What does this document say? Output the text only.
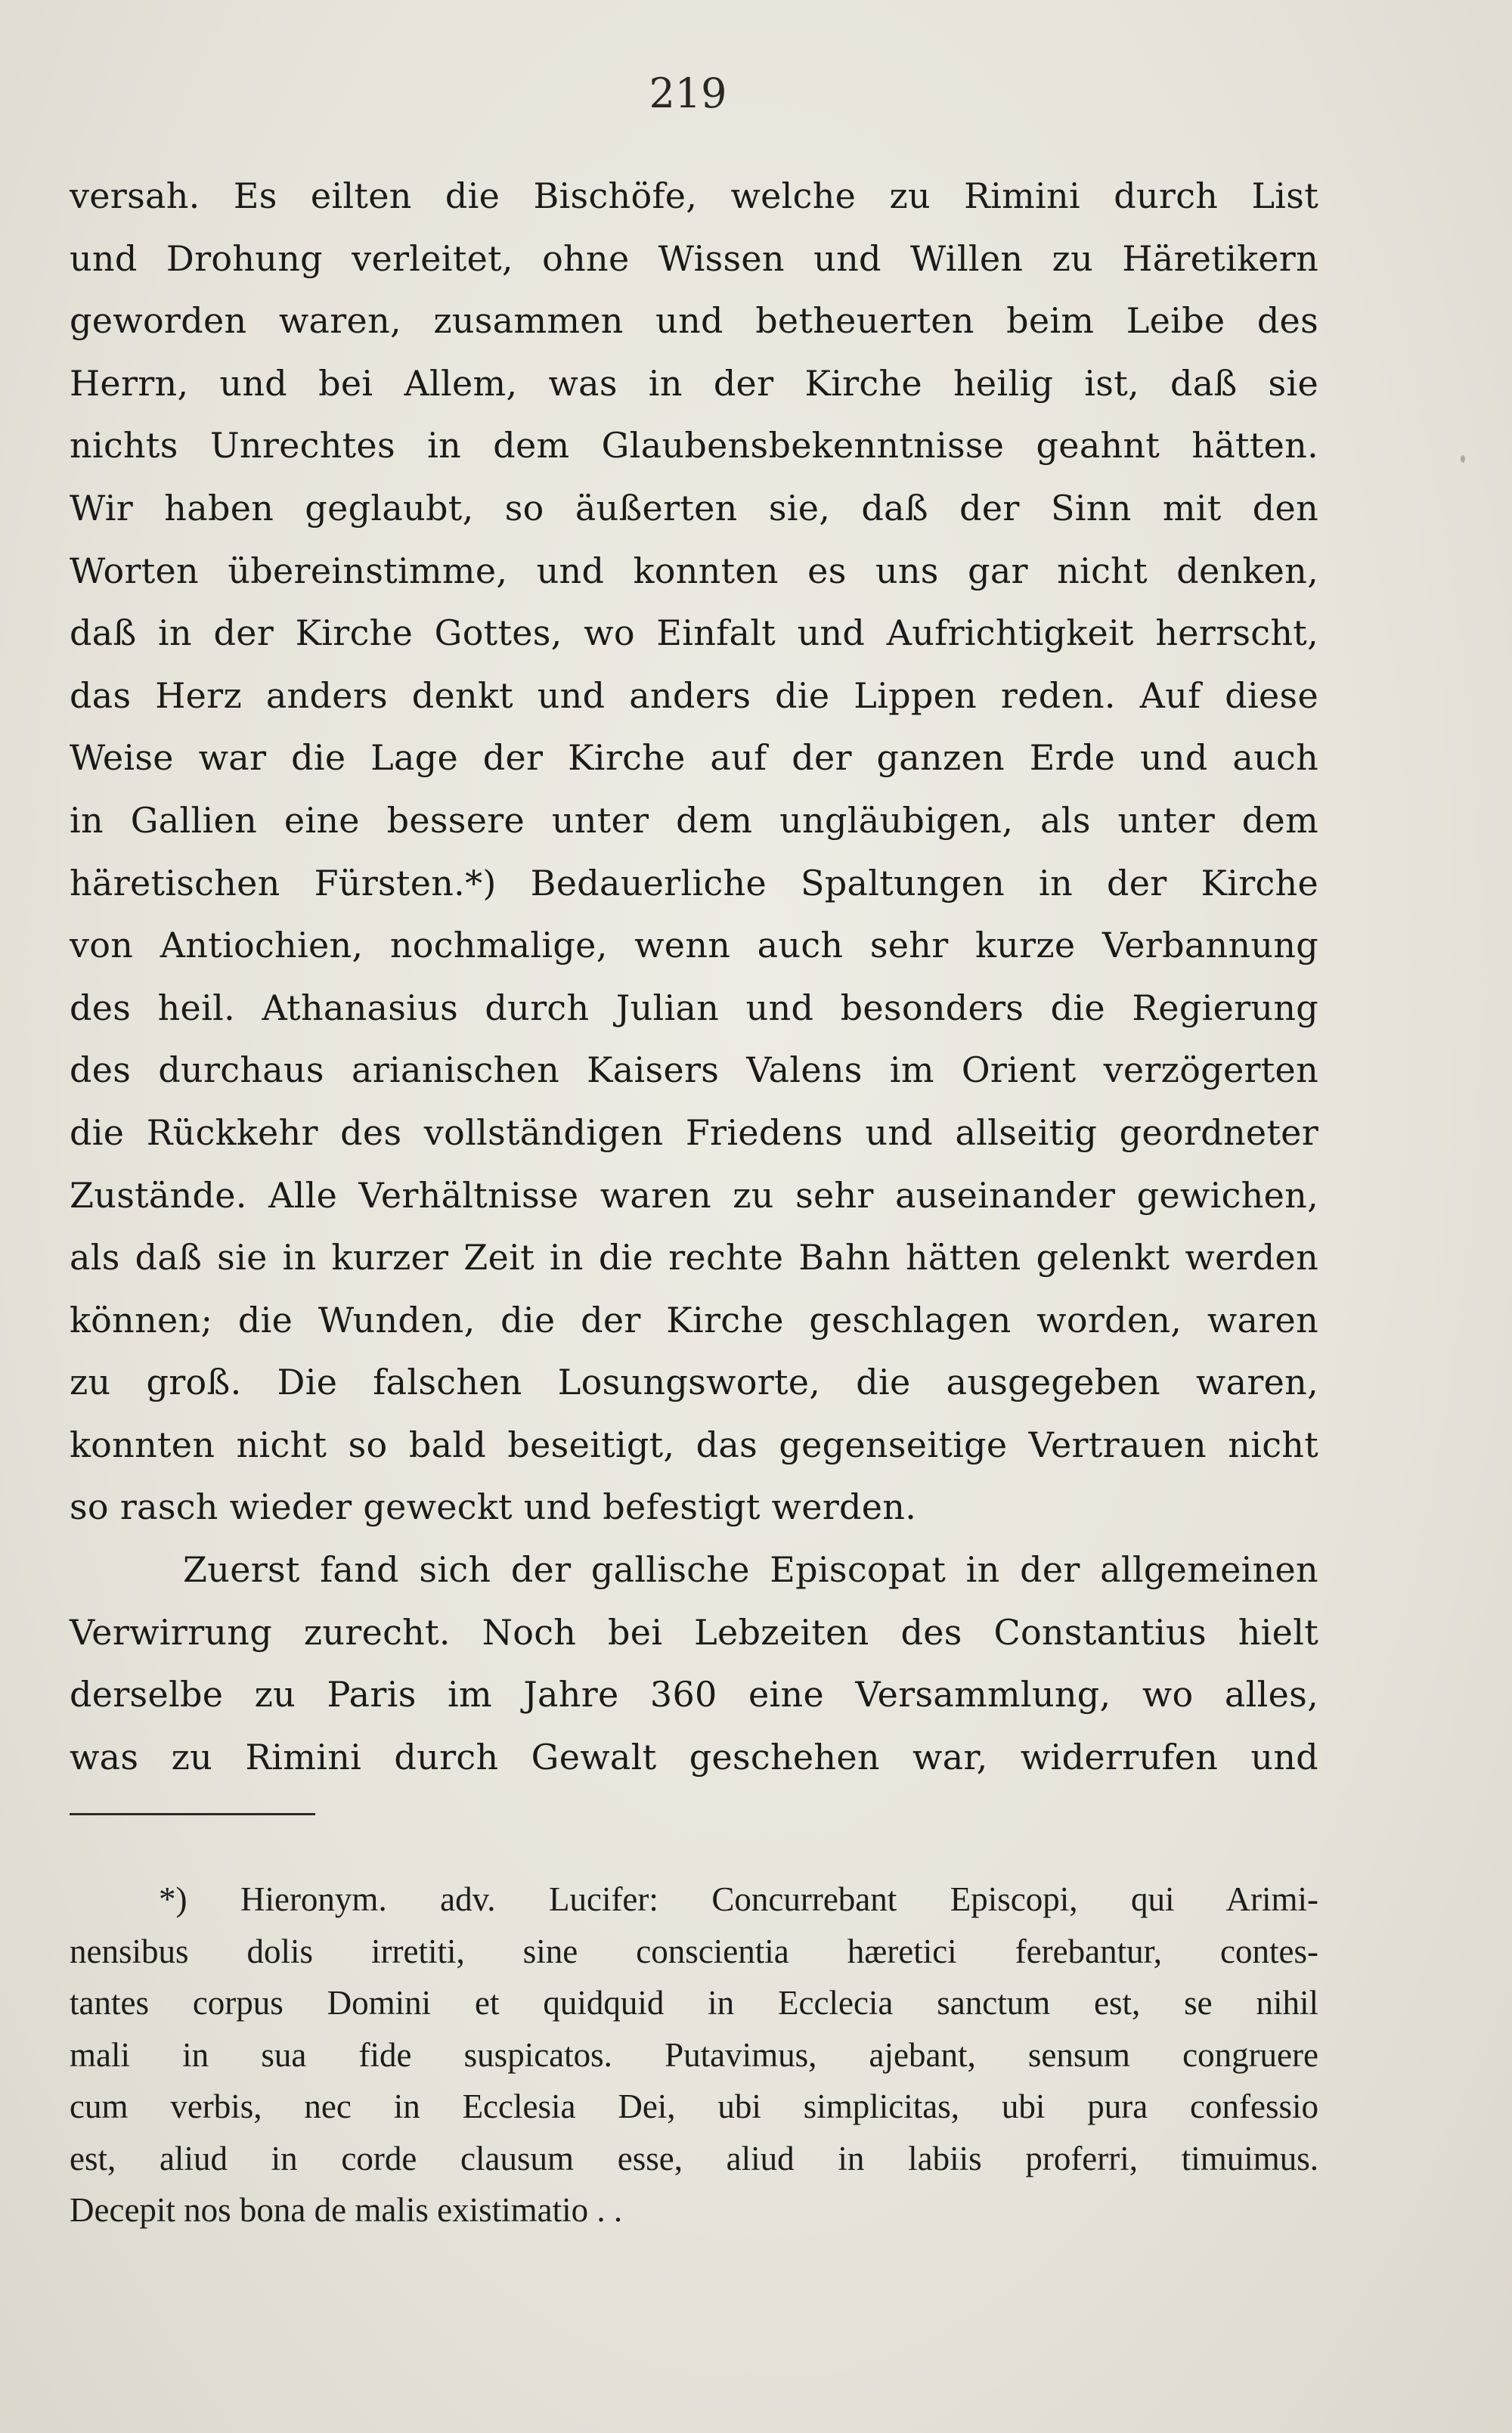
219
versah. Es eilten die Bischöfe, welche zu Rimini durch List
und Drohung verleitet, ohne Wissen und Willen zu Häretikern
geworden waren, zusammen und betheuerten beim Leibe des
Herrn, und bei Allem, was in der Kirche heilig ist, daß sie
nichts Unrechtes in dem Glaubensbekenntnisse geahnt hätten.
Wir haben geglaubt, so äußerten sie, daß der Sinn mit den
Worten übereinstimme, und konnten es uns gar nicht denken,
daß in der Kirche Gottes, wo Einfalt und Aufrichtigkeit herrscht,
das Herz anders denkt und anders die Lippen reden. Auf diese
Weise war die Lage der Kirche auf der ganzen Erde und auch
in Gallien eine bessere unter dem ungläubigen, als unter dem
häretischen Fürsten.*) Bedauerliche Spaltungen in der Kirche
von Antiochien, nochmalige, wenn auch sehr kurze Verbannung
des heil. Athanasius durch Julian und besonders die Regierung
des durchaus arianischen Kaisers Valens im Orient verzögerten
die Rückkehr des vollständigen Friedens und allseitig geordneter
Zustände. Alle Verhältnisse waren zu sehr auseinander gewichen,
als daß sie in kurzer Zeit in die rechte Bahn hätten gelenkt werden
können; die Wunden, die der Kirche geschlagen worden, waren
zu groß. Die falschen Losungsworte, die ausgegeben waren,
konnten nicht so bald beseitigt, das gegenseitige Vertrauen nicht
so rasch wieder geweckt und befestigt werden.
Zuerst fand sich der gallische Episcopat in der allgemeinen
Verwirrung zurecht. Noch bei Lebzeiten des Constantius hielt
derselbe zu Paris im Jahre 360 eine Versammlung, wo alles,
was zu Rimini durch Gewalt geschehen war, widerrufen und
*) Hieronym. adv. Lucifer: Concurrebant Episcopi, qui Arimi-
nensibus dolis irretiti, sine conscientia hæretici ferebantur, contes-
tantes corpus Domini et quidquid in Ecclecia sanctum est, se nihil
mali in sua fide suspicatos. Putavimus, ajebant, sensum congruere
cum verbis, nec in Ecclesia Dei, ubi simplicitas, ubi pura confessio
est, aliud in corde clausum esse, aliud in labiis proferri, timuimus.
Decepit nos bona de malis existimatio . .
